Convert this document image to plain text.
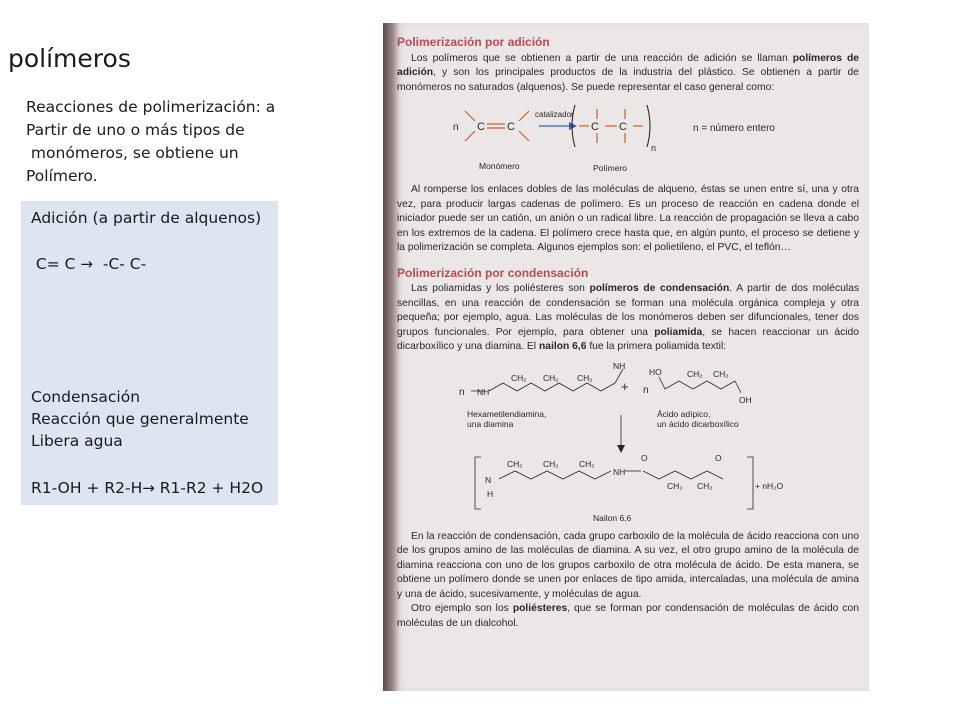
polímeros
Reacciones de polimerización: a
Partir de uno o más tipos de
monómeros, se obtiene un
Polímero.
Adición (a partir de alquenos)
C= C →  -C- C-
Condensación
Reacción que generalmente
Libera agua
R1-OH + R2-H→ R1-R2 + H2O
Polimerización por adición

Los polímeros que se obtienen a partir de una reacción de adición se llaman polímeros de adición, y son los principales productos de la industria del plástico. Se obtienen a partir de monómeros no saturados (alquenos). Se puede representar el caso general como:

n C C
catalizador
C C
n
n = número entero
Monómero	Polímero

Al romperse los enlaces dobles de las moléculas de alqueno, éstas se unen entre sí, una y otra vez, para producir largas cadenas de polímero. Es un proceso de reacción en cadena donde el iniciador puede ser un catión, un anión o un radical libre. La reacción de propagación se lleva a cabo en los extremos de la cadena. El polímero crece hasta que, en algún punto, el proceso se detiene y la polimerización se completa. Algunos ejemplos son: el polietileno, el PVC, el teflón…

Polimerización por condensación

Las poliamidas y los poliésteres son polímeros de condensación. A partir de dos moléculas sencillas, en una reacción de condensación se forman una molécula orgánica compleja y otra pequeña; por ejemplo, agua. Las moléculas de los monómeros deben ser difuncionales, tener dos grupos funcionales. Por ejemplo, para obtener una poliamida, se hacen reaccionar un ácido dicarboxílico y una diamina. El nailon 6,6 fue la primera poliamida textil:

n NH
CH₂ CH₂ CH₂
NH
+ n
HO	CH₂ CH₂
OH
Hexametilendiamina,
una diamina
Ácido adípico,
un ácido dicarboxílico
N
H
CH₂ CH₂ CH₂
NH
O
CH₂ CH₂
O
+ nH₂O
Nailon 6,6

En la reacción de condensación, cada grupo carboxilo de la molécula de ácido reacciona con uno de los grupos amino de las moléculas de diamina. A su vez, el otro grupo amino de la molécula de diamina reacciona con uno de los grupos carboxilo de otra molécula de ácido. De esta manera, se obtiene un polímero donde se unen por enlaces de tipo amida, intercaladas, una molécula de amina y una de ácido, sucesivamente, y moléculas de agua.

Otro ejemplo son los poliésteres, que se forman por condensación de moléculas de ácido con moléculas de un dialcohol.
